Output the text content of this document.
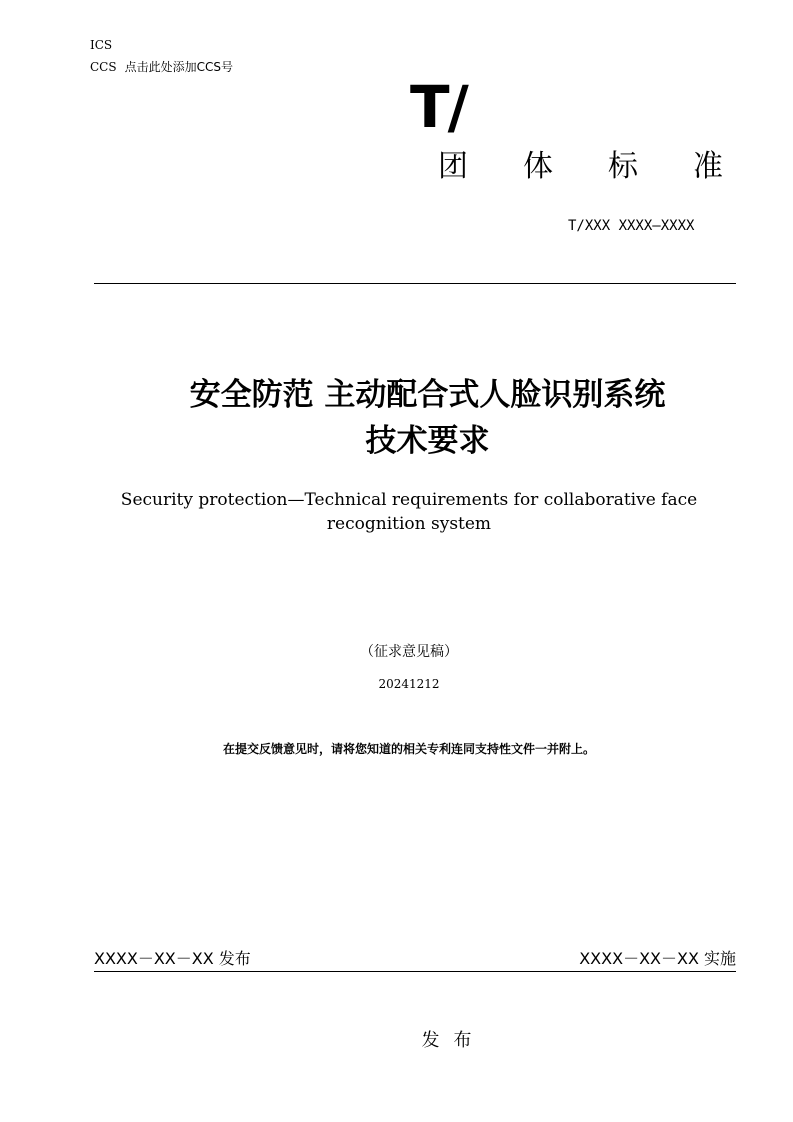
ICS
CCS 点击此处添加CCS号
T/
团 体 标 准
T/XXX XXXX—XXXX
安全防范 主动配合式人脸识别系统
技术要求
Security protection—Technical requirements for collaborative face
recognition system
（征求意见稿）
20241212
在提交反馈意见时，请将您知道的相关专利连同支持性文件一并附上。
XXXX－XX－XX 发布	XXXX－XX－XX 实施
发 布
